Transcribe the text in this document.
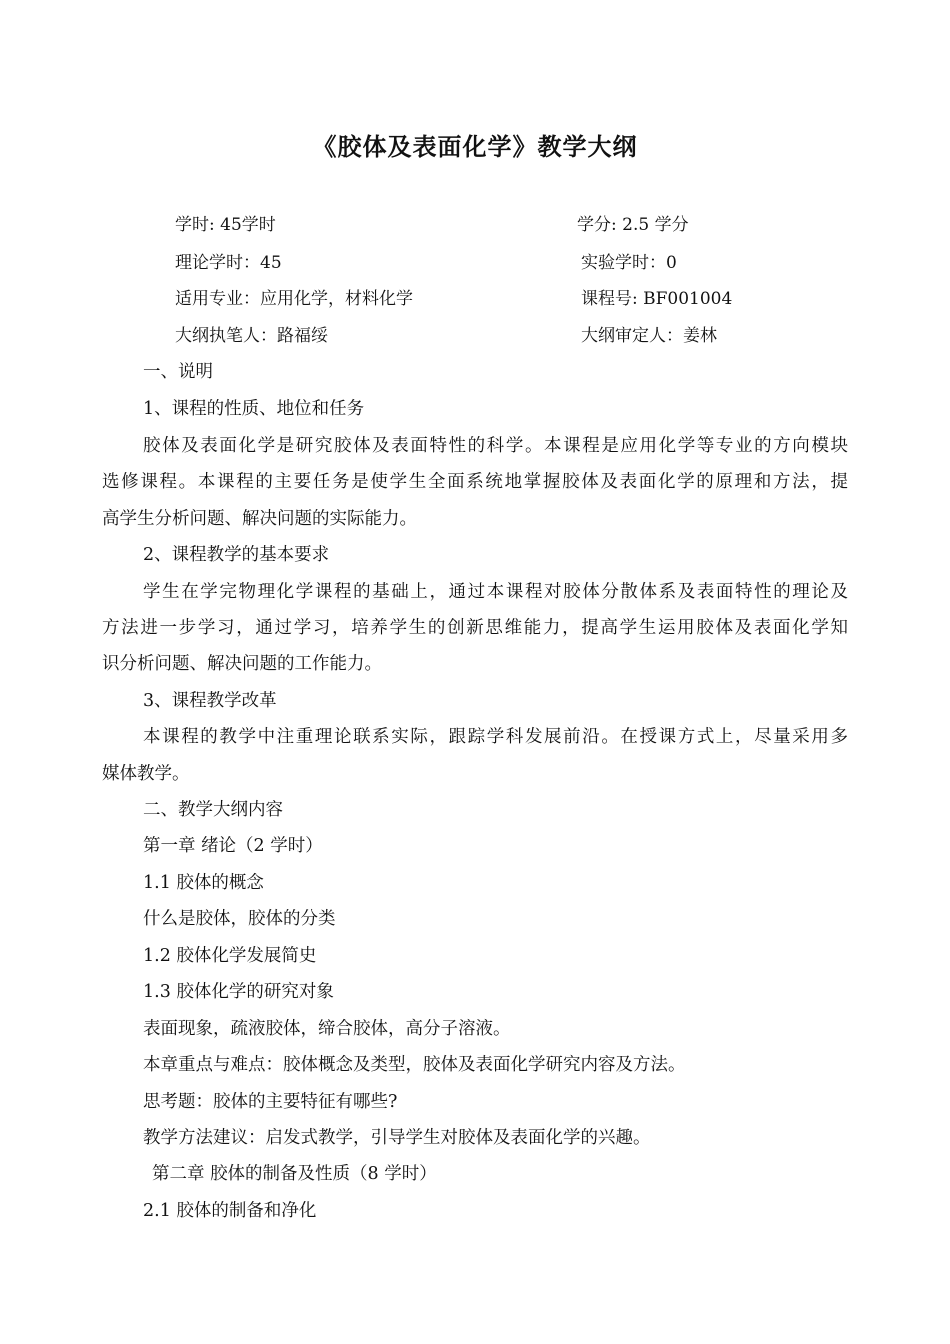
《胶体及表面化学》教学大纲
学时: 45学时	学分: 2.5 学分
理论学时：45	实验学时：0
适用专业：应用化学，材料化学	课程号: BF001004
大纲执笔人：路福绥	大纲审定人：姜林
一、说明
1、课程的性质、地位和任务
胶体及表面化学是研究胶体及表面特性的科学。本课程是应用化学等专业的方向模块
选修课程。本课程的主要任务是使学生全面系统地掌握胶体及表面化学的原理和方法，提
高学生分析问题、解决问题的实际能力。
2、课程教学的基本要求
学生在学完物理化学课程的基础上，通过本课程对胶体分散体系及表面特性的理论及
方法进一步学习，通过学习，培养学生的创新思维能力，提高学生运用胶体及表面化学知
识分析问题、解决问题的工作能力。
3、课程教学改革
本课程的教学中注重理论联系实际，跟踪学科发展前沿。在授课方式上，尽量采用多
媒体教学。
二、教学大纲内容
第一章 绪论（2 学时）
1.1 胶体的概念
什么是胶体，胶体的分类
1.2 胶体化学发展简史
1.3 胶体化学的研究对象
表面现象，疏液胶体，缔合胶体，高分子溶液。
本章重点与难点：胶体概念及类型，胶体及表面化学研究内容及方法。
思考题：胶体的主要特征有哪些?
教学方法建议：启发式教学，引导学生对胶体及表面化学的兴趣。
第二章 胶体的制备及性质（8 学时）
2.1 胶体的制备和净化
